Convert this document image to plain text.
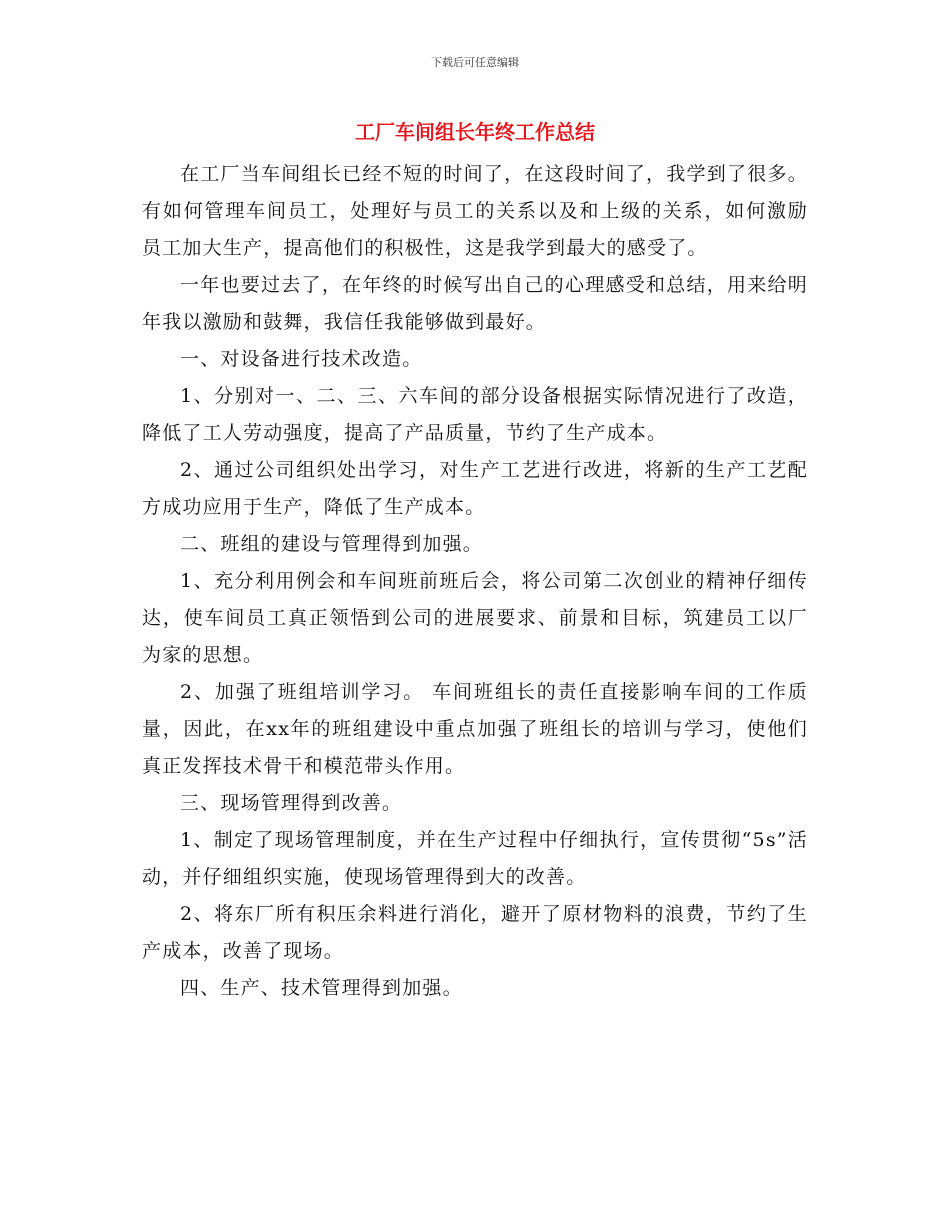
下载后可任意编辑
工厂车间组长年终工作总结

在工厂当车间组长已经不短的时间了，在这段时间了，我学到了很多。有如何管理车间员工，处理好与员工的关系以及和上级的关系，如何激励员工加大生产，提高他们的积极性，这是我学到最大的感受了。

一年也要过去了，在年终的时候写出自己的心理感受和总结，用来给明年我以激励和鼓舞，我信任我能够做到最好。

一、对设备进行技术改造。

1、分别对一、二、三、六车间的部分设备根据实际情况进行了改造，降低了工人劳动强度，提高了产品质量，节约了生产成本。

2、通过公司组织处出学习，对生产工艺进行改进，将新的生产工艺配方成功应用于生产，降低了生产成本。

二、班组的建设与管理得到加强。

1、充分利用例会和车间班前班后会，将公司第二次创业的精神仔细传达，使车间员工真正领悟到公司的进展要求、前景和目标，筑建员工以厂为家的思想。

2、加强了班组培训学习。 车间班组长的责任直接影响车间的工作质量，因此，在xx年的班组建设中重点加强了班组长的培训与学习，使他们真正发挥技术骨干和模范带头作用。

三、现场管理得到改善。

1、制定了现场管理制度，并在生产过程中仔细执行，宣传贯彻“5s”活动，并仔细组织实施，使现场管理得到大的改善。

2、将东厂所有积压余料进行消化，避开了原材物料的浪费，节约了生产成本，改善了现场。

四、生产、技术管理得到加强。
